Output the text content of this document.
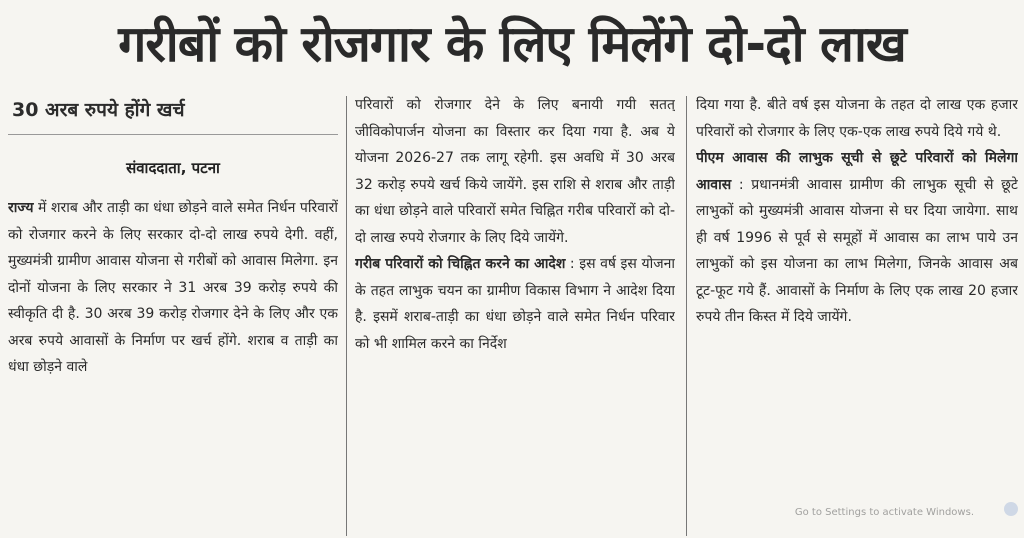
गरीबों को रोजगार के लिए मिलेंगे दो-दो लाख
30 अरब रुपये होंगे खर्च
संवाददाता, पटना
राज्य में शराब और ताड़ी का धंधा छोड़ने वाले समेत निर्धन परिवारों को रोजगार करने के लिए सरकार दो-दो लाख रुपये देगी. वहीं, मुख्यमंत्री ग्रामीण आवास योजना से गरीबों को आवास मिलेगा. इन दोनों योजना के लिए सरकार ने 31 अरब 39 करोड़ रुपये की स्वीकृति दी है. 30 अरब 39 करोड़ रोजगार देने के लिए और एक अरब रुपये आवासों के निर्माण पर खर्च होंगे. शराब व ताड़ी का धंधा छोड़ने वाले
परिवारों को रोजगार देने के लिए बनायी गयी सतत् जीविकोपार्जन योजना का विस्तार कर दिया गया है. अब ये योजना 2026-27 तक लागू रहेगी. इस अवधि में 30 अरब 32 करोड़ रुपये खर्च किये जायेंगे. इस राशि से शराब और ताड़ी का धंधा छोड़ने वाले परिवारों समेत चिह्नित गरीब परिवारों को दो-दो लाख रुपये रोजगार के लिए दिये जायेंगे.
गरीब परिवारों को चिह्नित करने का आदेश : इस वर्ष इस योजना के तहत लाभुक चयन का ग्रामीण विकास विभाग ने आदेश दिया है. इसमें शराब-ताड़ी का धंधा छोड़ने वाले समेत निर्धन परिवार को भी शामिल करने का निर्देश
दिया गया है. बीते वर्ष इस योजना के तहत दो लाख एक हजार परिवारों को रोजगार के लिए एक-एक लाख रुपये दिये गये थे.
पीएम आवास की लाभुक सूची से छूटे परिवारों को मिलेगा आवास : प्रधानमंत्री आवास ग्रामीण की लाभुक सूची से छूटे लाभुकों को मुख्यमंत्री आवास योजना से घर दिया जायेगा. साथ ही वर्ष 1996 से पूर्व से समूहों में आवास का लाभ पाये उन लाभुकों को इस योजना का लाभ मिलेगा, जिनके आवास अब टूट-फूट गये हैं. आवासों के निर्माण के लिए एक लाख 20 हजार रुपये तीन किस्त में दिये जायेंगे.
Go to Settings to activate Windows.
